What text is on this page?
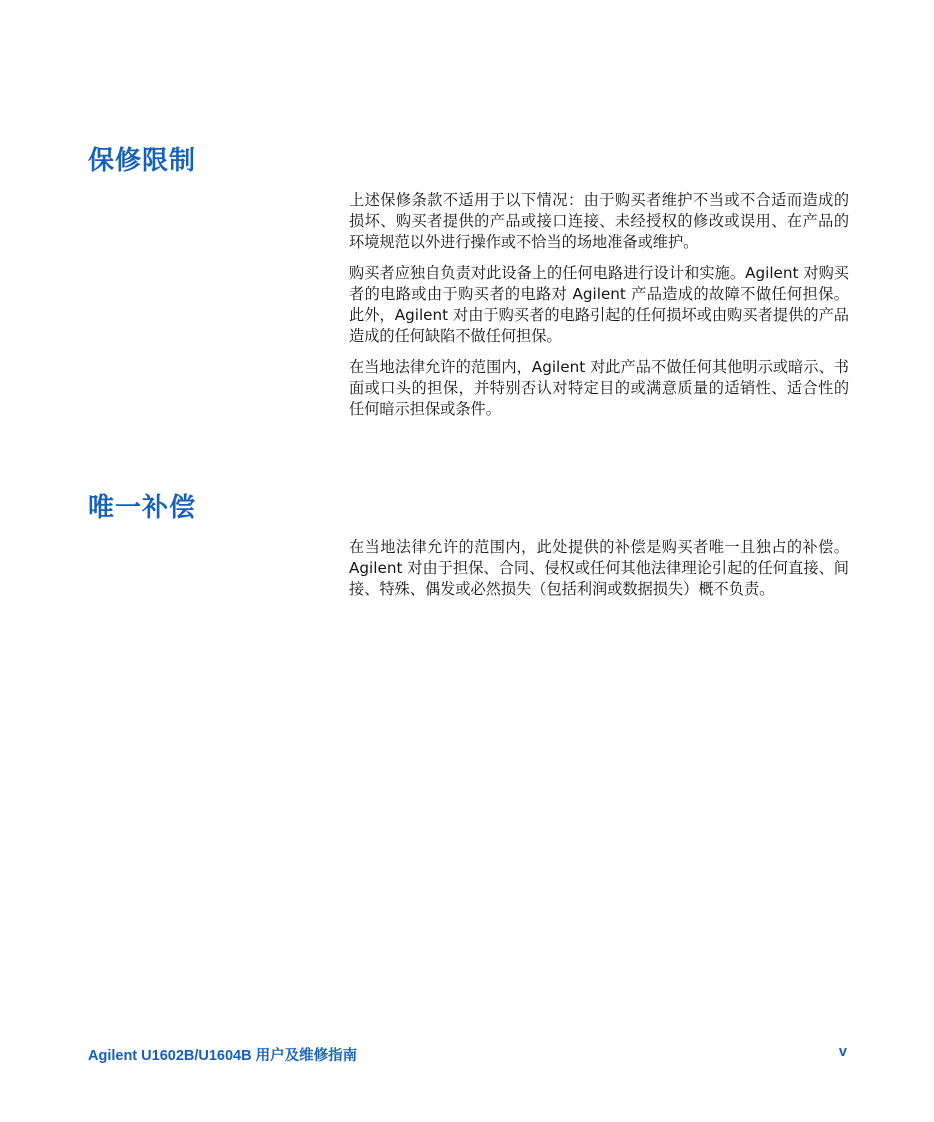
保修限制

上述保修条款不适用于以下情况：由于购买者维护不当或不合适而造成的损坏、购买者提供的产品或接口连接、未经授权的修改或误用、在产品的环境规范以外进行操作或不恰当的场地准备或维护。

购买者应独自负责对此设备上的任何电路进行设计和实施。Agilent 对购买者的电路或由于购买者的电路对 Agilent 产品造成的故障不做任何担保。此外，Agilent 对由于购买者的电路引起的任何损坏或由购买者提供的产品造成的任何缺陷不做任何担保。

在当地法律允许的范围内，Agilent 对此产品不做任何其他明示或暗示、书面或口头的担保，并特别否认对特定目的或满意质量的适销性、适合性的任何暗示担保或条件。

唯一补偿

在当地法律允许的范围内，此处提供的补偿是购买者唯一且独占的补偿。Agilent 对由于担保、合同、侵权或任何其他法律理论引起的任何直接、间接、特殊、偶发或必然损失（包括利润或数据损失）概不负责。

Agilent U1602B/U1604B 用户及维修指南	v
